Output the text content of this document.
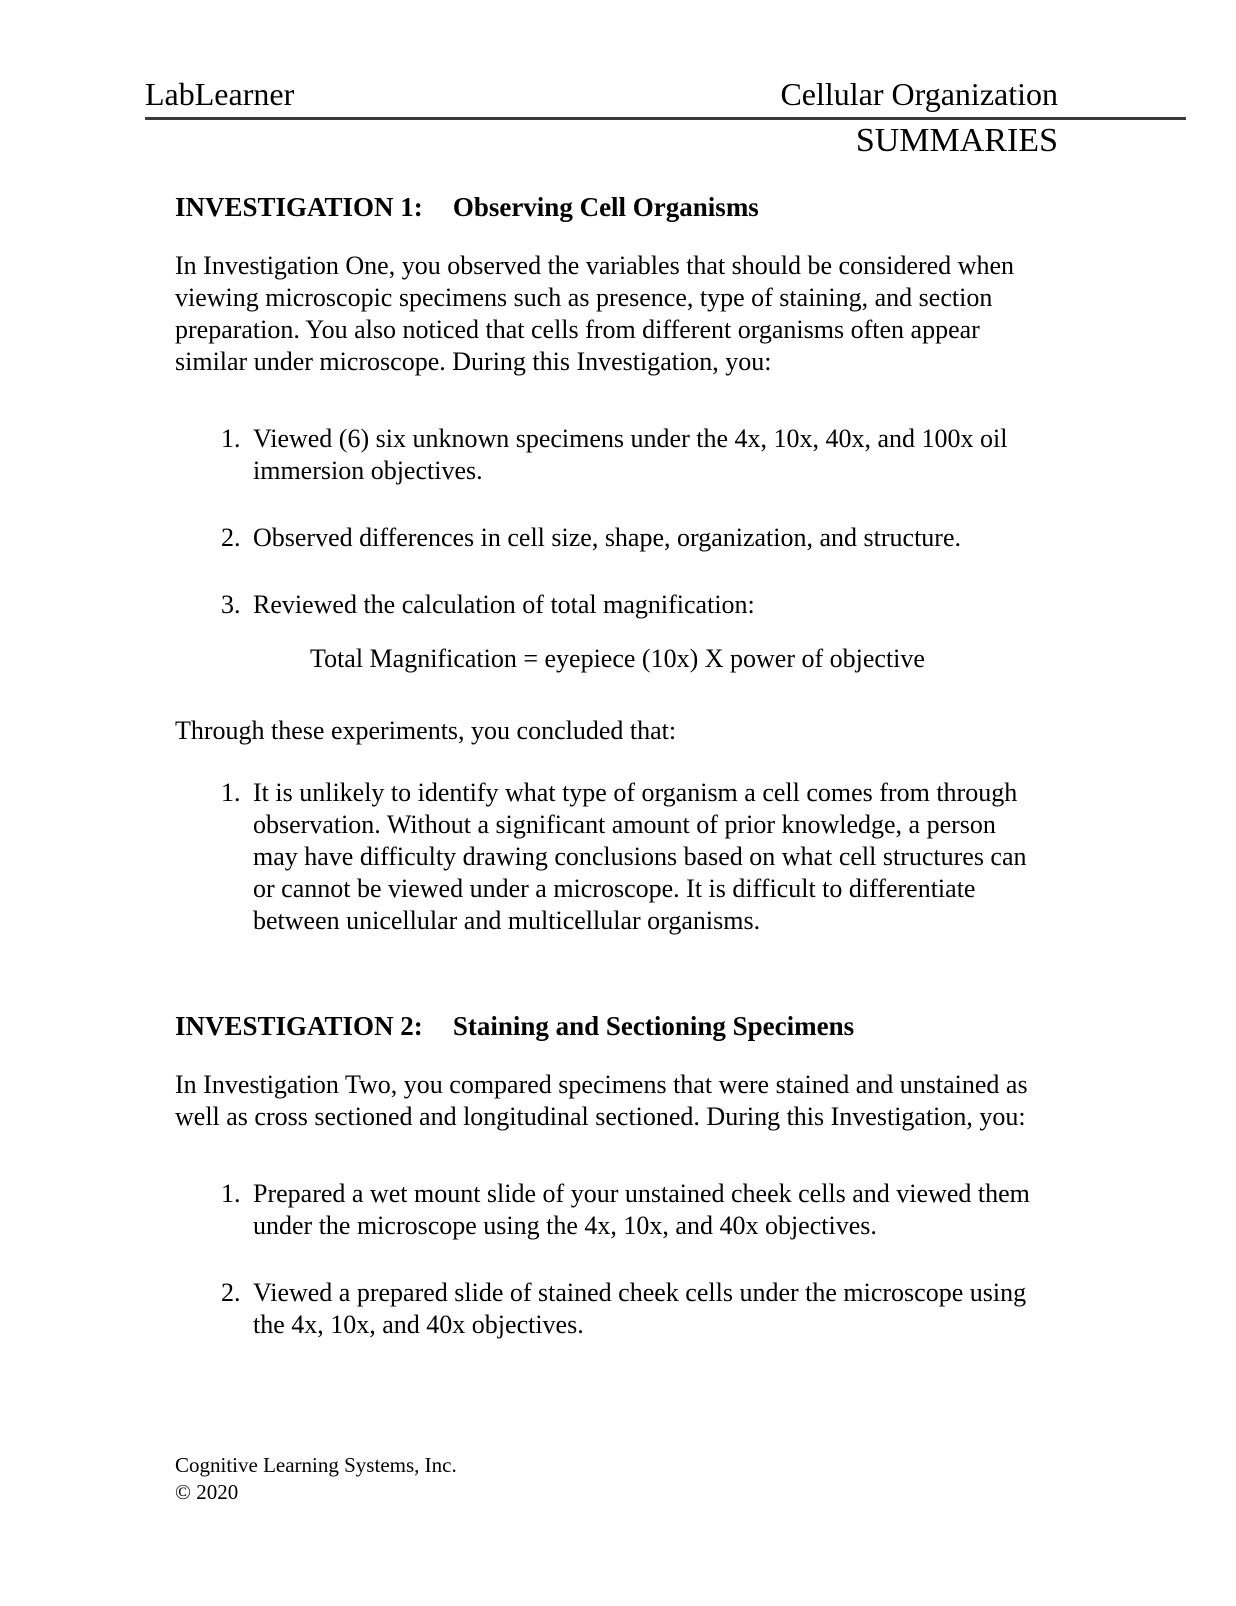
LabLearner	Cellular Organization
SUMMARIES
INVESTIGATION 1: Observing Cell Organisms

In Investigation One, you observed the variables that should be considered when viewing microscopic specimens such as presence, type of staining, and section preparation. You also noticed that cells from different organisms often appear similar under microscope. During this Investigation, you:

1. Viewed (6) six unknown specimens under the 4x, 10x, 40x, and 100x oil immersion objectives.
2. Observed differences in cell size, shape, organization, and structure.
3. Reviewed the calculation of total magnification:
Total Magnification = eyepiece (10x) X power of objective

Through these experiments, you concluded that:

1. It is unlikely to identify what type of organism a cell comes from through observation. Without a significant amount of prior knowledge, a person may have difficulty drawing conclusions based on what cell structures can or cannot be viewed under a microscope. It is difficult to differentiate between unicellular and multicellular organisms.
INVESTIGATION 2: Staining and Sectioning Specimens

In Investigation Two, you compared specimens that were stained and unstained as well as cross sectioned and longitudinal sectioned. During this Investigation, you:

1. Prepared a wet mount slide of your unstained cheek cells and viewed them under the microscope using the 4x, 10x, and 40x objectives.
2. Viewed a prepared slide of stained cheek cells under the microscope using the 4x, 10x, and 40x objectives.
Cognitive Learning Systems, Inc.
© 2020
